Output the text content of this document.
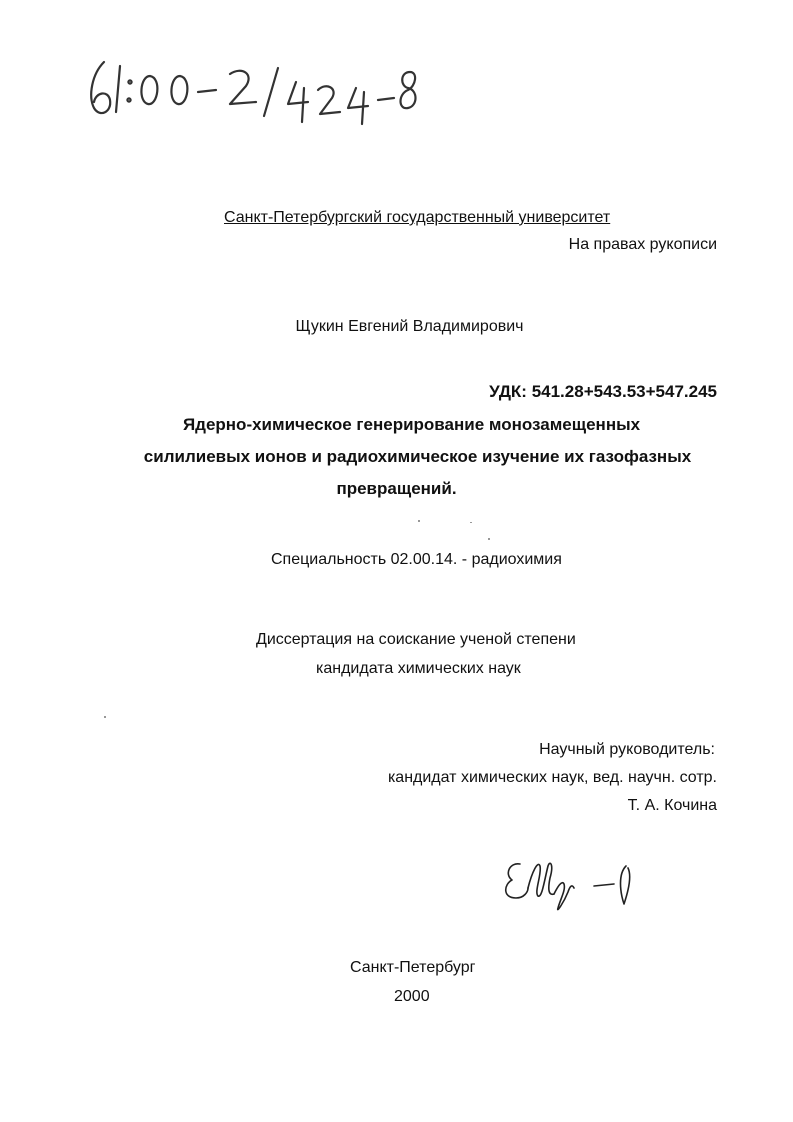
Санкт-Петербургский государственный университет
На правах рукописи
Щукин Евгений Владимирович
УДК: 541.28+543.53+547.245
Ядерно-химическое генерирование монозамещенных
силилиевых ионов и радиохимическое изучение их газофазных
превращений.
Специальность 02.00.14. - радиохимия
Диссертация на соискание ученой степени
кандидата химических наук
Научный руководитель:
кандидат химических наук, вед. научн. сотр.
Т. А. Кочина
Санкт-Петербург
2000
